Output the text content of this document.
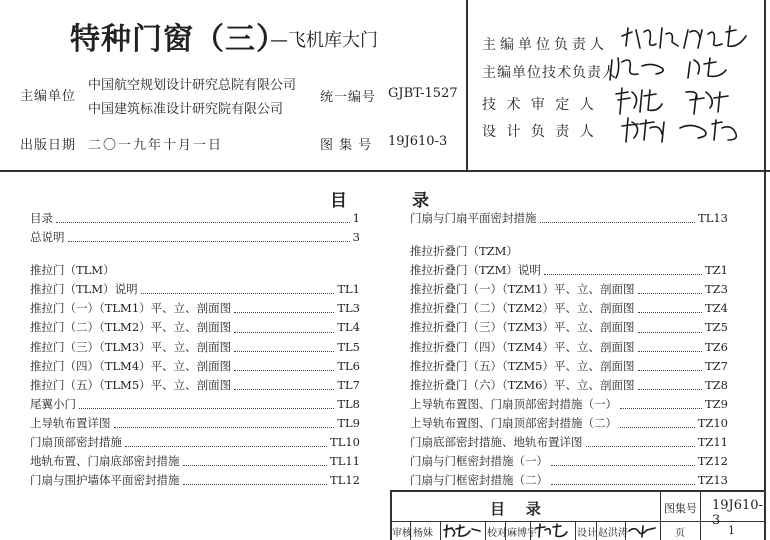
特种门窗（三）
—飞机库大门
主编单位
中国航空规划设计研究总院有限公司
中国建筑标准设计研究院有限公司
统一编号 GJBT-1527
出版日期 二〇一九年十月一日	图 集 号 19J610-3
主编单位负责人
主编单位技术负责人
技 术 审 定 人
设 计 负 责 人
目	录
目录	1
总说明	3
推拉门（TLM）
推拉门（TLM）说明	TL1
推拉门（一）（TLM1）平、立、剖面图	TL3
推拉门（二）（TLM2）平、立、剖面图	TL4
推拉门（三）（TLM3）平、立、剖面图	TL5
推拉门（四）（TLM4）平、立、剖面图	TL6
推拉门（五）（TLM5）平、立、剖面图	TL7
尾翼小门	TL8
上导轨布置详图	TL9
门扇顶部密封措施	TL10
地轨布置、门扇底部密封措施	TL11
门扇与围护墙体平面密封措施	TL12
门扇与门扇平面密封措施	TL13
推拉折叠门（TZM）
推拉折叠门（TZM）说明	TZ1
推拉折叠门（一）（TZM1）平、立、剖面图	TZ3
推拉折叠门（二）（TZM2）平、立、剖面图	TZ4
推拉折叠门（三）（TZM3）平、立、剖面图	TZ5
推拉折叠门（四）（TZM4）平、立、剖面图	TZ6
推拉折叠门（五）（TZM5）平、立、剖面图	TZ7
推拉折叠门（六）（TZM6）平、立、剖面图	TZ8
上导轨布置图、门扇顶部密封措施（一）	TZ9
上导轨布置图、门扇顶部密封措施（二）	TZ10
门扇底部密封措施、地轨布置详图	TZ11
门扇与门框密封措施（一）	TZ12
门扇与门框密封措施（二）	TZ13
目    录	图集号 19J610-3
审核 杨妹	校对 麻博宇	设计 赵洪涛	页	1
